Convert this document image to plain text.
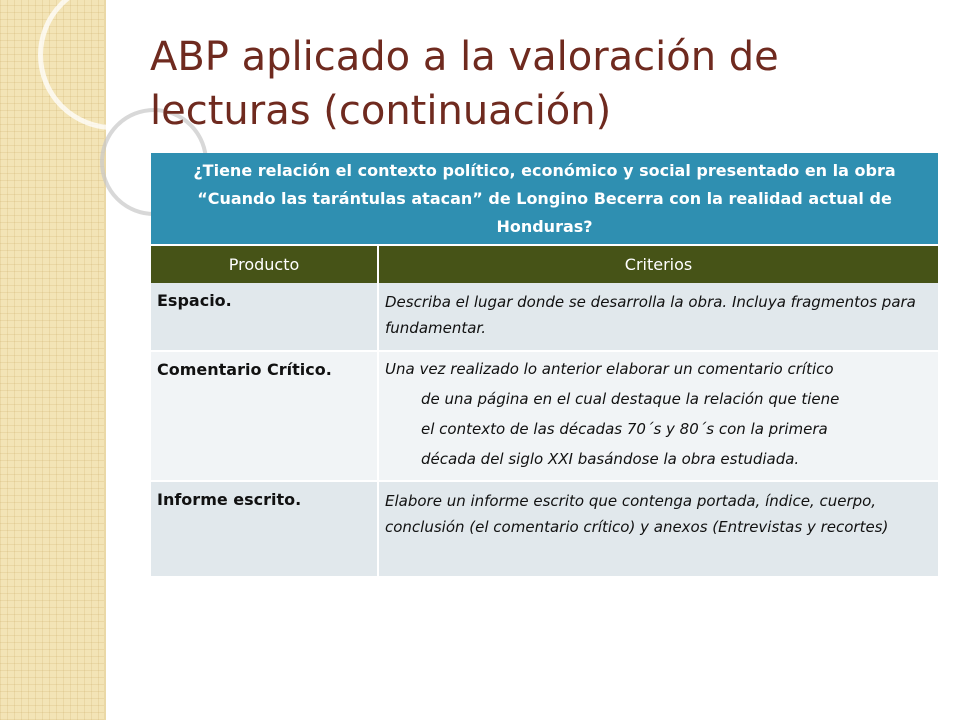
ABP aplicado a la valoración de lecturas (continuación)
¿Tiene relación el contexto político, económico y social presentado en la obra “Cuando las tarántulas atacan” de Longino Becerra con la realidad actual de Honduras?	
Producto	Criterios
Espacio.	Describa el lugar donde se desarrolla la obra. Incluya fragmentos para fundamentar.
Comentario Crítico.	Una vez realizado lo anterior elaborar un comentario crítico
de una página en el cual destaque la relación que tiene
el contexto de las décadas 70´s y 80´s con la primera
década del siglo XXI basándose la obra estudiada.

Informe escrito.	Elabore un informe escrito que contenga portada, índice, cuerpo, conclusión (el comentario crítico) y anexos (Entrevistas y recortes)
